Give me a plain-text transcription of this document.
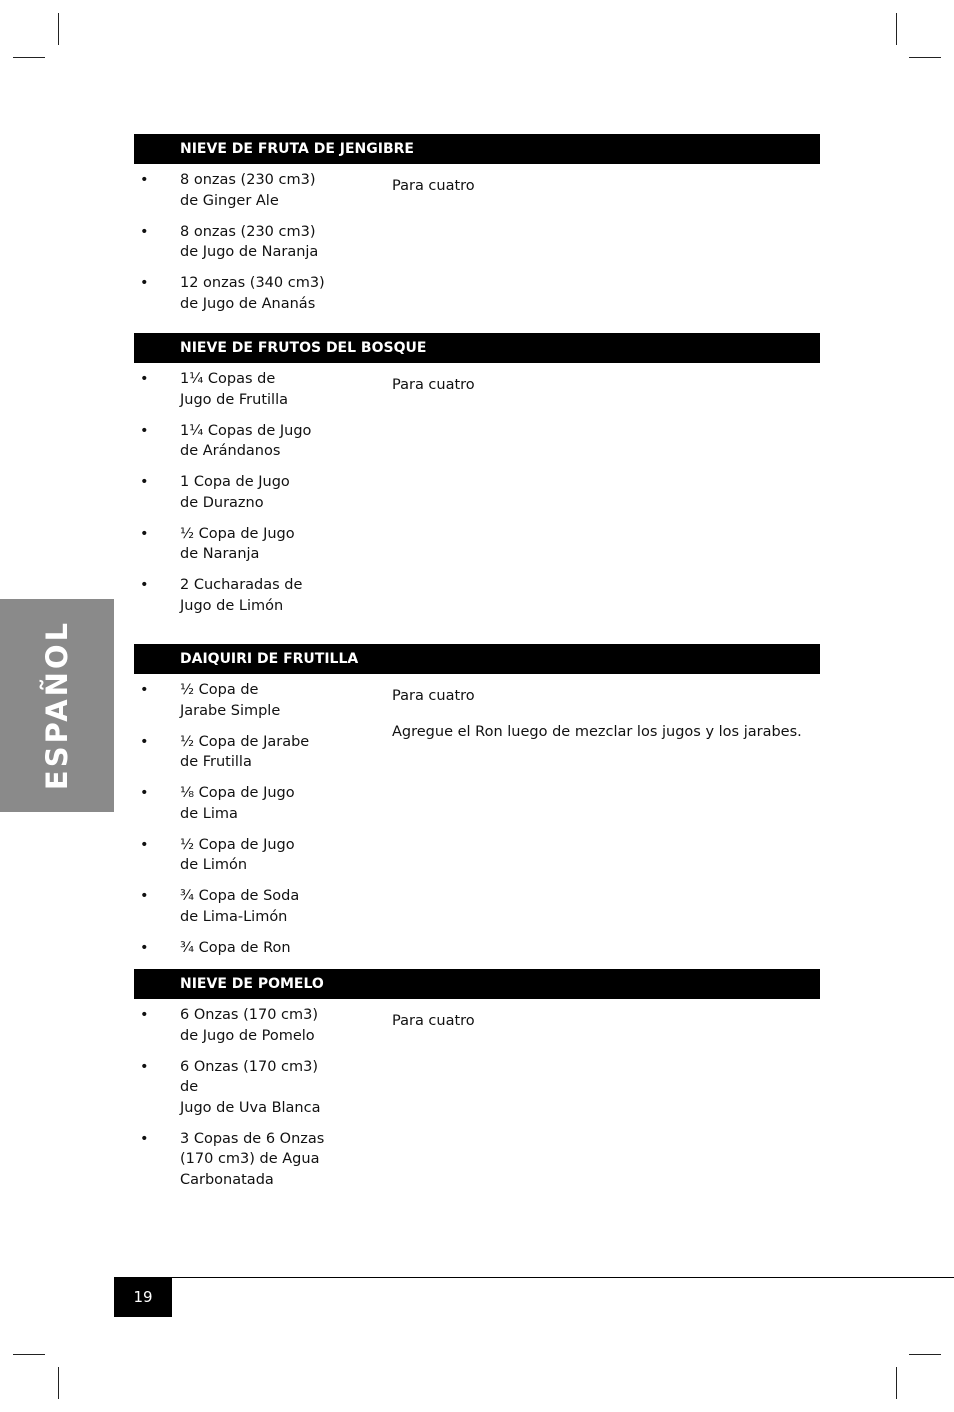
ESPAÑOL
NIEVE DE FRUTA DE JENGIBRE
• 8 onzas (230 cm3)
de Ginger Ale
• 8 onzas (230 cm3)
de Jugo de Naranja
• 12 onzas (340 cm3)
de Jugo de Ananás

Para cuatro

NIEVE DE FRUTOS DEL BOSQUE
• 1¼ Copas de
Jugo de Frutilla
• 1¼ Copas de Jugo
de Arándanos
• 1 Copa de Jugo
de Durazno
• ½ Copa de Jugo
de Naranja
• 2 Cucharadas de
Jugo de Limón

Para cuatro

DAIQUIRI DE FRUTILLA
• ½ Copa de
Jarabe Simple
• ½ Copa de Jarabe
de Frutilla
• ⅛ Copa de Jugo
de Lima
• ½ Copa de Jugo
de Limón
• ¾ Copa de Soda
de Lima-Limón
• ¾ Copa de Ron

Para cuatro

Agregue el Ron luego de mezclar los jugos y los jarabes.

NIEVE DE POMELO
• 6 Onzas (170 cm3)
de Jugo de Pomelo
• 6 Onzas (170 cm3) de
Jugo de Uva Blanca
• 3 Copas de 6 Onzas
(170 cm3) de Agua
Carbonatada

Para cuatro

19
